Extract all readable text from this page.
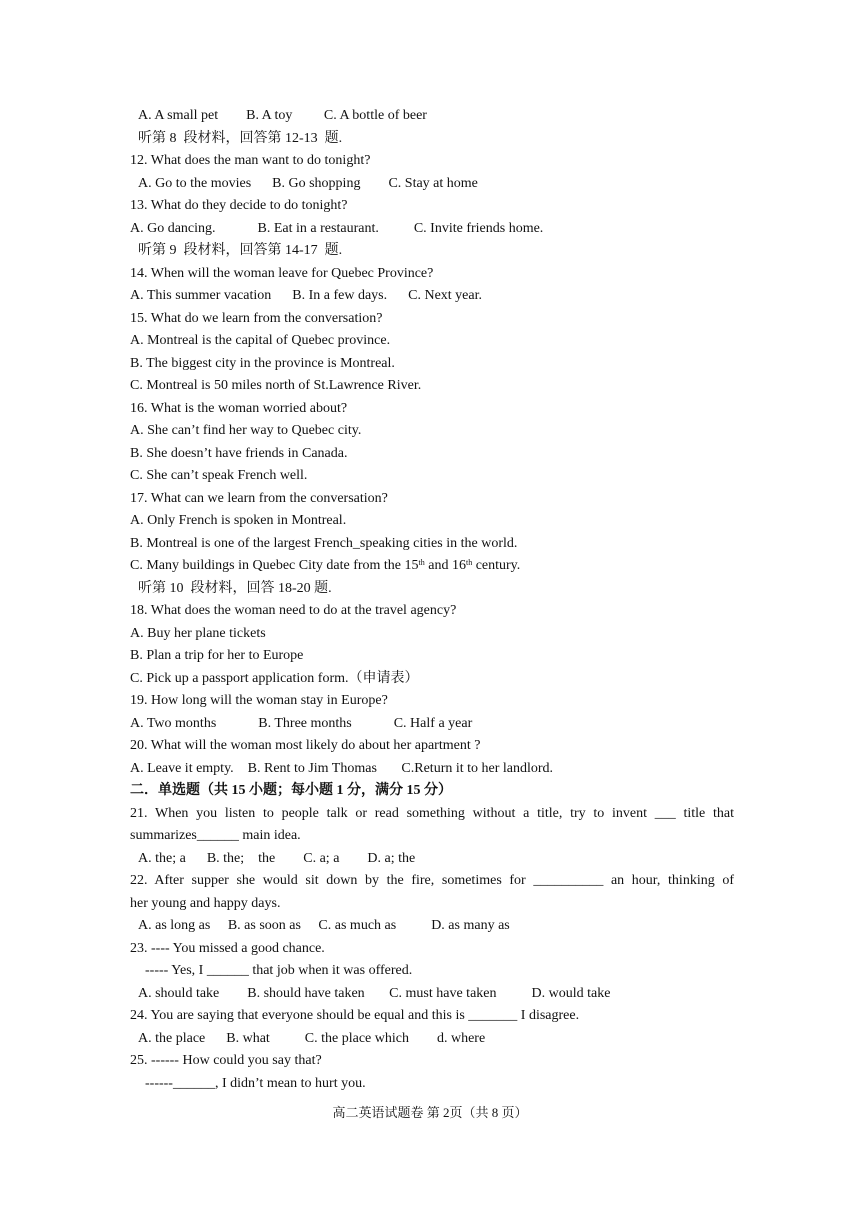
A. A small pet        B. A toy         C. A bottle of beer
听第 8  段材料，回答第 12-13  题.
12. What does the man want to do tonight?
A. Go to the movies      B. Go shopping        C. Stay at home
13. What do they decide to do tonight?
A. Go dancing.            B. Eat in a restaurant.          C. Invite friends home.
听第 9  段材料，回答第 14-17  题.
14. When will the woman leave for Quebec Province?
A. This summer vacation      B. In a few days.      C. Next year.
15. What do we learn from the conversation?
A. Montreal is the capital of Quebec province.
B. The biggest city in the province is Montreal.
C. Montreal is 50 miles north of St.Lawrence River.
16. What is the woman worried about?
A. She can’t find her way to Quebec city.
B. She doesn’t have friends in Canada.
C. She can’t speak French well.
17. What can we learn from the conversation?
A. Only French is spoken in Montreal.
B. Montreal is one of the largest French_speaking cities in the world.
C. Many buildings in Quebec City date from the 15th and 16th century.
听第 10  段材料，回答 18-20 题.
18. What does the woman need to do at the travel agency?
A. Buy her plane tickets
B. Plan a trip for her to Europe
C. Pick up a passport application form.（申请表）
19. How long will the woman stay in Europe?
A. Two months            B. Three months            C. Half a year
20. What will the woman most likely do about her apartment ?
A. Leave it empty.    B. Rent to Jim Thomas       C.Return it to her landlord.
二．单选题（共 15 小题；每小题 1 分，满分 15 分）
21. When you listen to people talk or read something without a title, try to invent ___ title that
summarizes______ main idea.
A. the; a      B. the;    the        C. a; a        D. a; the
22. After supper she would sit down by the fire, sometimes for __________ an hour, thinking of
her young and happy days.
A. as long as     B. as soon as     C. as much as          D. as many as
23. ---- You missed a good chance.
----- Yes, I ______ that job when it was offered.
A. should take        B. should have taken       C. must have taken          D. would take
24. You are saying that everyone should be equal and this is _______ I disagree.
A. the place      B. what          C. the place which        d. where
25. ------ How could you say that?
------______, I didn’t mean to hurt you.
高二英语试题卷 第 2页（共 8 页）
